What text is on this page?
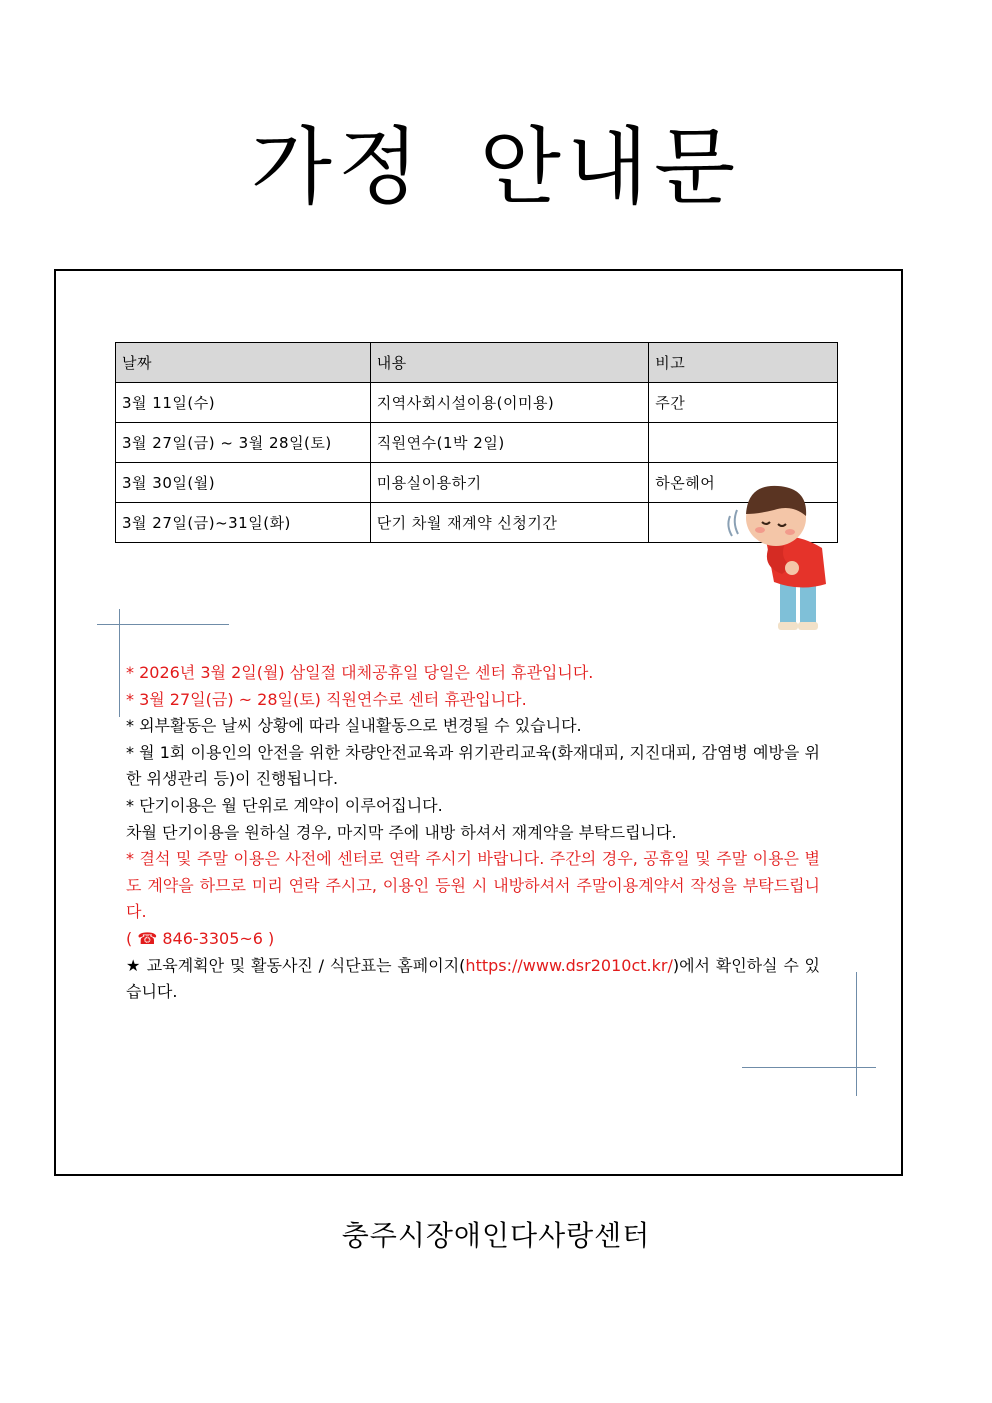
가정 안내문
날짜	내용	비고
3월 11일(수)	지역사회시설이용(이미용)	주간
3월 27일(금) ~ 3월 28일(토)	직원연수(1박 2일)	
3월 30일(월)	미용실이용하기	하온헤어
3월 27일(금)~31일(화)	단기 차월 재계약 신청기간	

* 2026년 3월 2일(월) 삼일절 대체공휴일 당일은 센터 휴관입니다.

* 3월 27일(금) ~ 28일(토) 직원연수로 센터 휴관입니다.

* 외부활동은 날씨 상황에 따라 실내활동으로 변경될 수 있습니다.

* 월 1회 이용인의 안전을 위한 차량안전교육과 위기관리교육(화재대피, 지진대피, 감염병 예방을 위한 위생관리 등)이 진행됩니다.

* 단기이용은 월 단위로 계약이 이루어집니다.

차월 단기이용을 원하실 경우, 마지막 주에 내방 하셔서 재계약을 부탁드립니다.

* 결석 및 주말 이용은 사전에 센터로 연락 주시기 바랍니다. 주간의 경우, 공휴일 및 주말 이용은 별도 계약을 하므로 미리 연락 주시고, 이용인 등원 시 내방하셔서 주말이용계약서 작성을 부탁드립니다.

( ☎ 846-3305~6 )

★ 교육계획안 및 활동사진 / 식단표는 홈페이지(https://www.dsr2010ct.kr/)에서 확인하실 수 있습니다.

충주시장애인다사랑센터
